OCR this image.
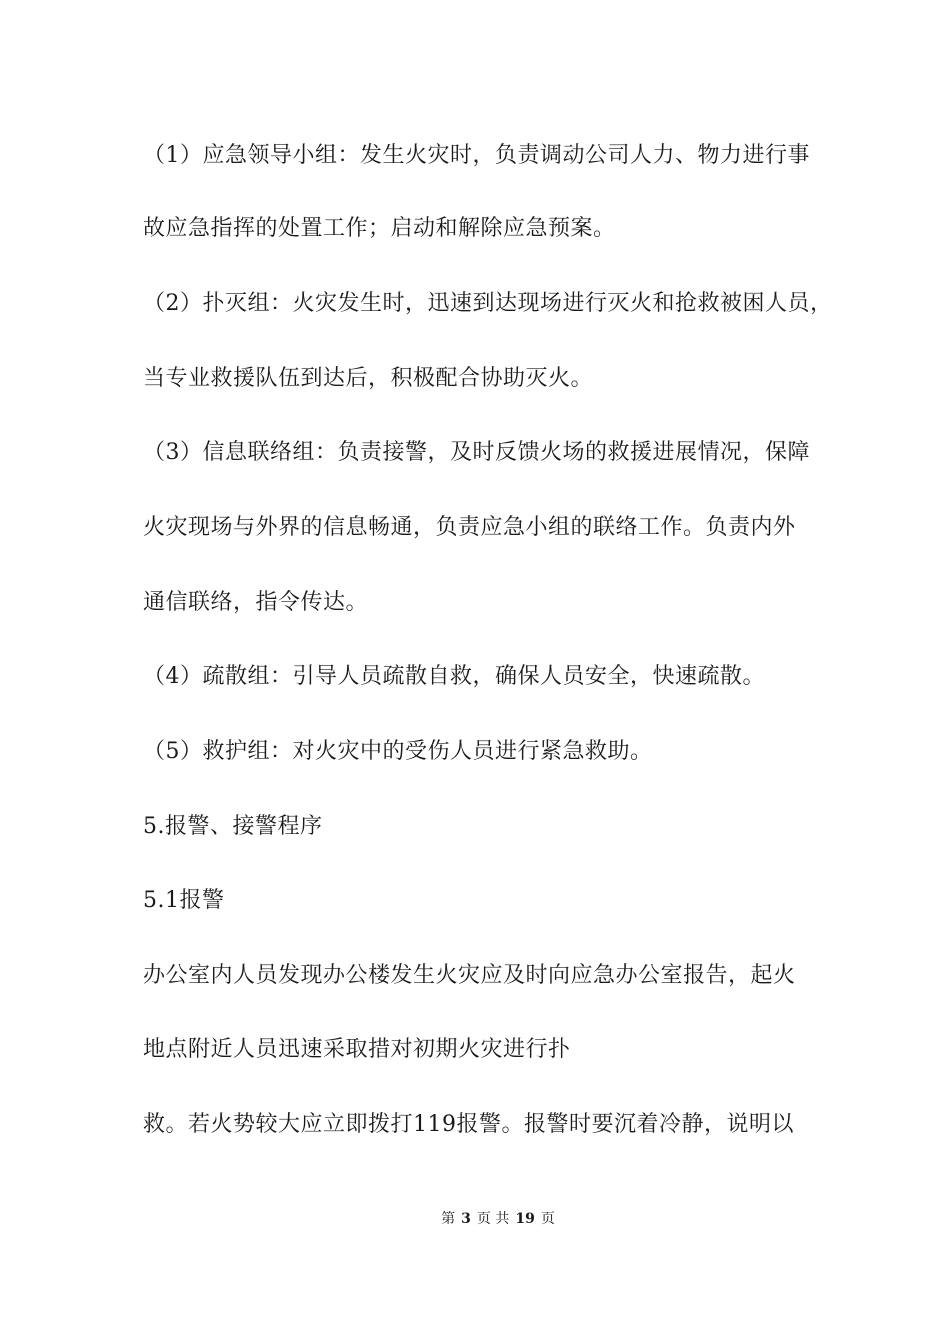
（1）应急领导小组：发生火灾时，负责调动公司人力、物力进行事
故应急指挥的处置工作；启动和解除应急预案。
（2）扑灭组：火灾发生时，迅速到达现场进行灭火和抢救被困人员，
当专业救援队伍到达后，积极配合协助灭火。
（3）信息联络组：负责接警，及时反馈火场的救援进展情况，保障
火灾现场与外界的信息畅通，负责应急小组的联络工作。负责内外
通信联络，指令传达。
（4）疏散组：引导人员疏散自救，确保人员安全，快速疏散。
（5）救护组：对火灾中的受伤人员进行紧急救助。
5.报警、接警程序
5.1报警
办公室内人员发现办公楼发生火灾应及时向应急办公室报告，起火
地点附近人员迅速采取措对初期火灾进行扑
救。若火势较大应立即拨打119报警。报警时要沉着冷静，说明以
第 3 页 共 19 页
